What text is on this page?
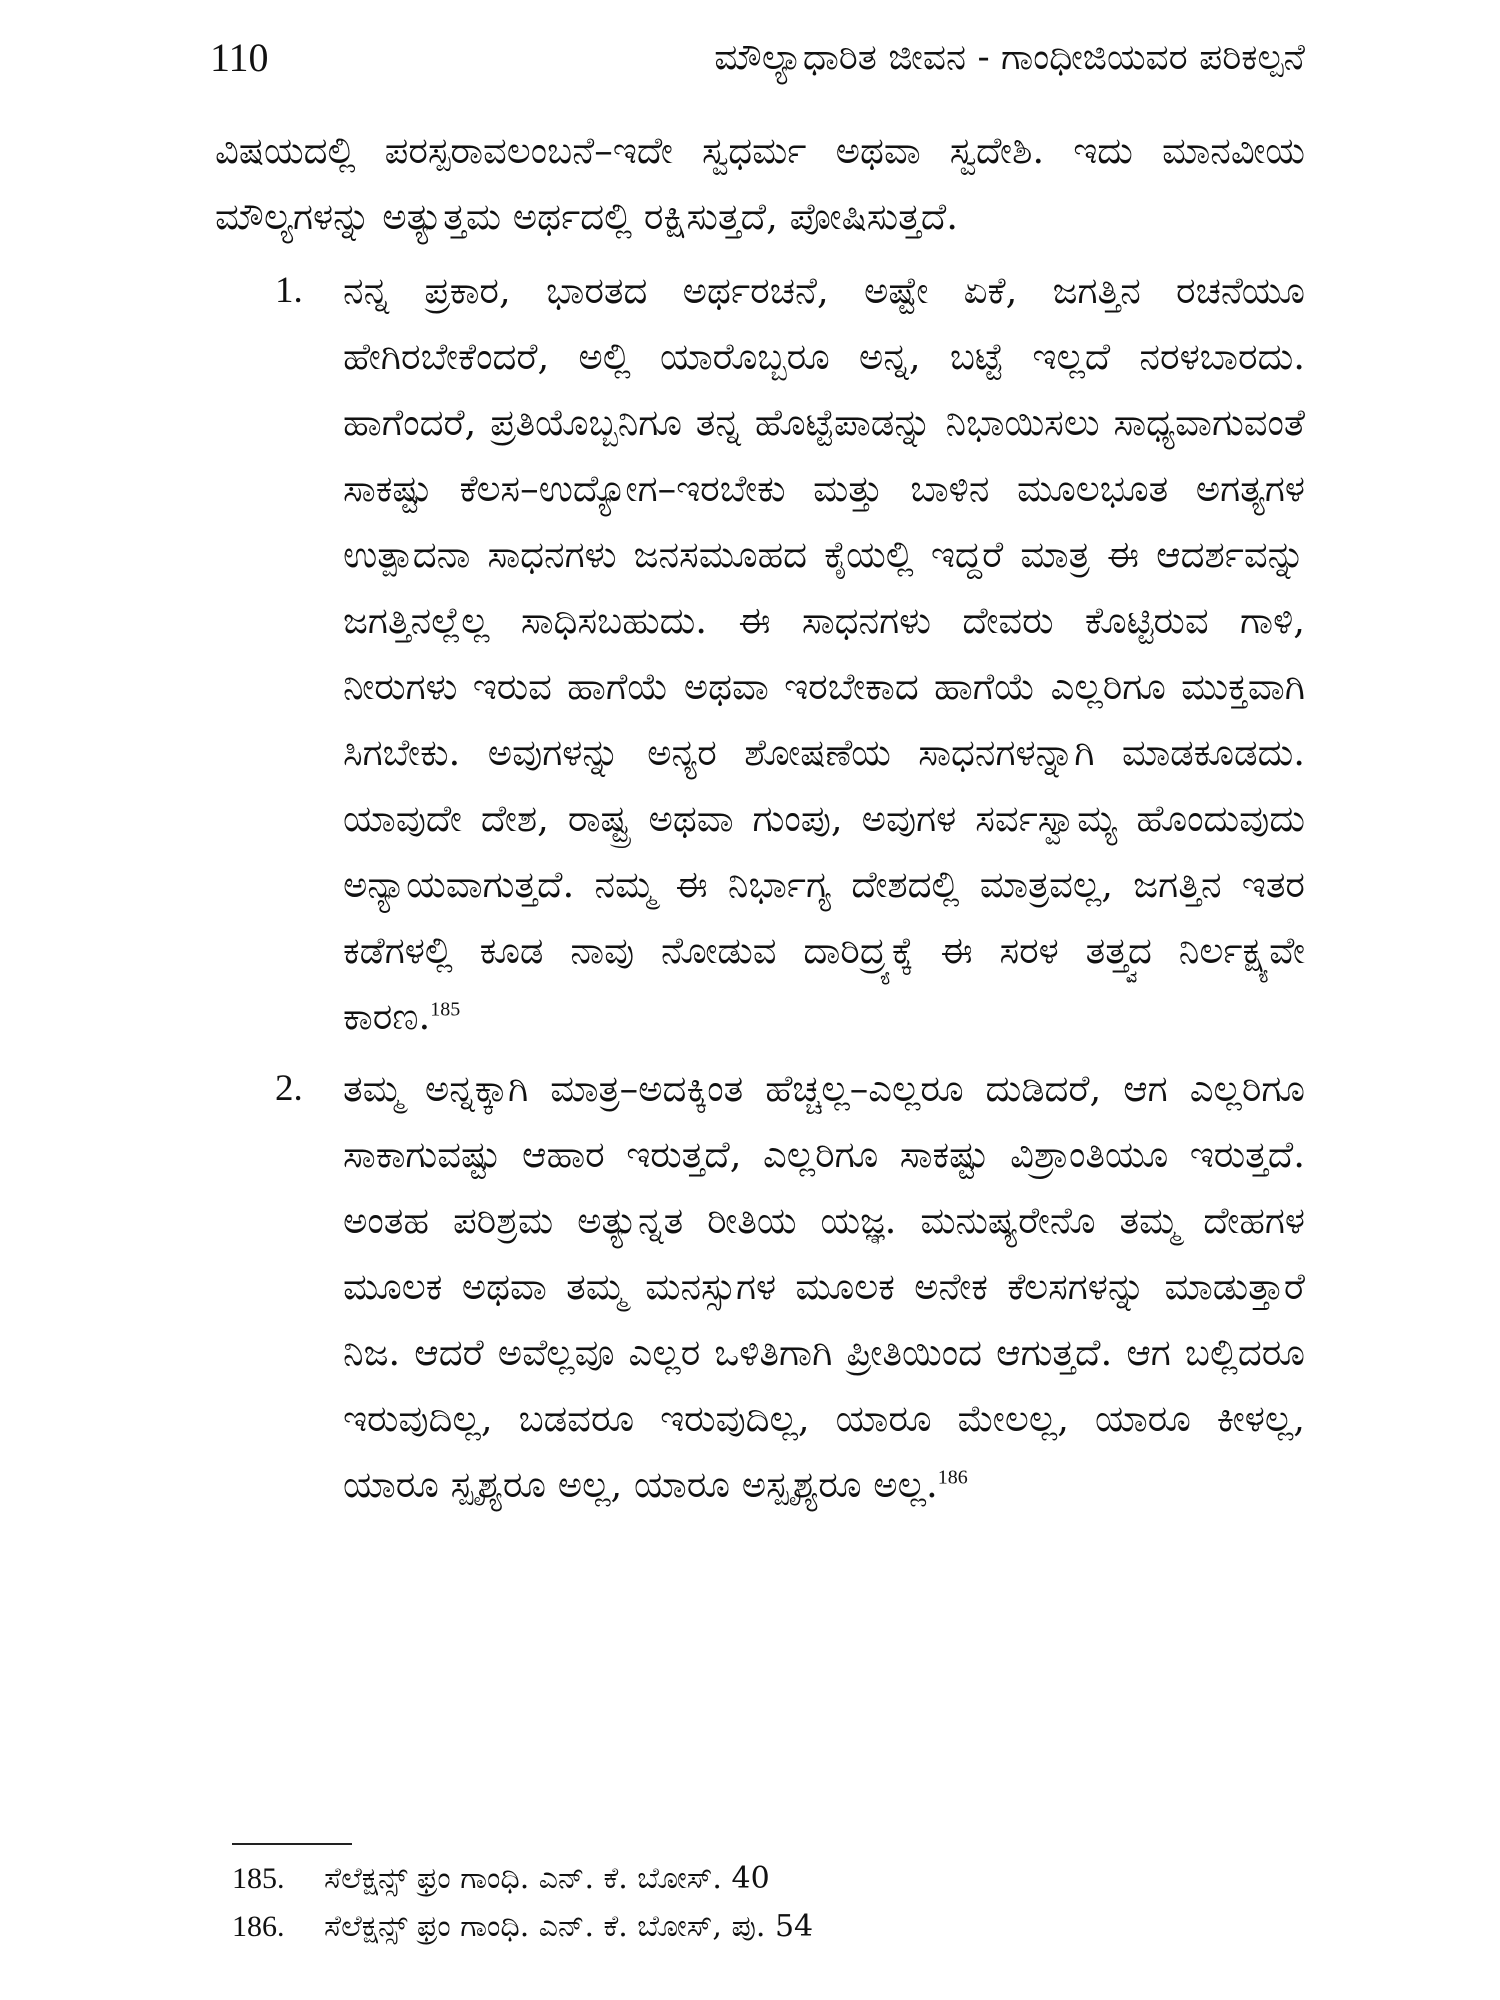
110	ಮೌಲ್ಯಾಧಾರಿತ ಜೀವನ - ಗಾಂಧೀಜಿಯವರ ಪರಿಕಲ್ಪನೆ

ವಿಷಯದಲ್ಲಿ ಪರಸ್ಪರಾವಲಂಬನೆ–ಇದೇ ಸ್ವಧರ್ಮ ಅಥವಾ ಸ್ವದೇಶಿ. ಇದು ಮಾನವೀಯ ಮೌಲ್ಯಗಳನ್ನು ಅತ್ಯುತ್ತಮ ಅರ್ಥದಲ್ಲಿ ರಕ್ಷಿಸುತ್ತದೆ, ಪೋಷಿಸುತ್ತದೆ.

1. ನನ್ನ ಪ್ರಕಾರ, ಭಾರತದ ಅರ್ಥರಚನೆ, ಅಷ್ಟೇ ಏಕೆ, ಜಗತ್ತಿನ ರಚನೆಯೂ ಹೇಗಿರಬೇಕೆಂದರೆ, ಅಲ್ಲಿ ಯಾರೊಬ್ಬರೂ ಅನ್ನ, ಬಟ್ಟೆ ಇಲ್ಲದೆ ನರಳಬಾರದು. ಹಾಗೆಂದರೆ, ಪ್ರತಿಯೊಬ್ಬನಿಗೂ ತನ್ನ ಹೊಟ್ಟೆಪಾಡನ್ನು ನಿಭಾಯಿಸಲು ಸಾಧ್ಯವಾಗುವಂತೆ ಸಾಕಷ್ಟು ಕೆಲಸ–ಉದ್ಯೋಗ–ಇರಬೇಕು ಮತ್ತು ಬಾಳಿನ ಮೂಲಭೂತ ಅಗತ್ಯಗಳ ಉತ್ಪಾದನಾ ಸಾಧನಗಳು ಜನಸಮೂಹದ ಕೈಯಲ್ಲಿ ಇದ್ದರೆ ಮಾತ್ರ ಈ ಆದರ್ಶವನ್ನು ಜಗತ್ತಿನಲ್ಲೆಲ್ಲ ಸಾಧಿಸಬಹುದು. ಈ ಸಾಧನಗಳು ದೇವರು ಕೊಟ್ಟಿರುವ ಗಾಳಿ, ನೀರುಗಳು ಇರುವ ಹಾಗೆಯೆ ಅಥವಾ ಇರಬೇಕಾದ ಹಾಗೆಯೆ ಎಲ್ಲರಿಗೂ ಮುಕ್ತವಾಗಿ ಸಿಗಬೇಕು. ಅವುಗಳನ್ನು ಅನ್ಯರ ಶೋಷಣೆಯ ಸಾಧನಗಳನ್ನಾಗಿ ಮಾಡಕೂಡದು. ಯಾವುದೇ ದೇಶ, ರಾಷ್ಟ್ರ ಅಥವಾ ಗುಂಪು, ಅವುಗಳ ಸರ್ವಸ್ವಾಮ್ಯ ಹೊಂದುವುದು ಅನ್ಯಾಯವಾಗುತ್ತದೆ. ನಮ್ಮ ಈ ನಿರ್ಭಾಗ್ಯ ದೇಶದಲ್ಲಿ ಮಾತ್ರವಲ್ಲ, ಜಗತ್ತಿನ ಇತರ ಕಡೆಗಳಲ್ಲಿ ಕೂಡ ನಾವು ನೋಡುವ ದಾರಿದ್ರ್ಯಕ್ಕೆ ಈ ಸರಳ ತತ್ತ್ವದ ನಿರ್ಲಕ್ಷ್ಯವೇ ಕಾರಣ.$^{185}$

2. ತಮ್ಮ ಅನ್ನಕ್ಕಾಗಿ ಮಾತ್ರ–ಅದಕ್ಕಿಂತ ಹೆಚ್ಚಲ್ಲ–ಎಲ್ಲರೂ ದುಡಿದರೆ, ಆಗ ಎಲ್ಲರಿಗೂ ಸಾಕಾಗುವಷ್ಟು ಆಹಾರ ಇರುತ್ತದೆ, ಎಲ್ಲರಿಗೂ ಸಾಕಷ್ಟು ವಿಶ್ರಾಂತಿಯೂ ಇರುತ್ತದೆ. ಅಂತಹ ಪರಿಶ್ರಮ ಅತ್ಯುನ್ನತ ರೀತಿಯ ಯಜ್ಞ. ಮನುಷ್ಯರೇನೊ ತಮ್ಮ ದೇಹಗಳ ಮೂಲಕ ಅಥವಾ ತಮ್ಮ ಮನಸ್ಸುಗಳ ಮೂಲಕ ಅನೇಕ ಕೆಲಸಗಳನ್ನು ಮಾಡುತ್ತಾರೆ ನಿಜ. ಆದರೆ ಅವೆಲ್ಲವೂ ಎಲ್ಲರ ಒಳಿತಿಗಾಗಿ ಪ್ರೀತಿಯಿಂದ ಆಗುತ್ತದೆ. ಆಗ ಬಲ್ಲಿದರೂ ಇರುವುದಿಲ್ಲ, ಬಡವರೂ ಇರುವುದಿಲ್ಲ, ಯಾರೂ ಮೇಲಲ್ಲ, ಯಾರೂ ಕೀಳಲ್ಲ, ಯಾರೂ ಸ್ಪೃಶ್ಯರೂ ಅಲ್ಲ, ಯಾರೂ ಅಸ್ಪೃಶ್ಯರೂ ಅಲ್ಲ.$^{186}$

185. ಸೆಲೆಕ್ಷನ್ಸ್ ಫ್ರಂ ಗಾಂಧಿ. ಎನ್. ಕೆ. ಬೋಸ್. 40
186. ಸೆಲೆಕ್ಷನ್ಸ್ ಫ್ರಂ ಗಾಂಧಿ. ಎನ್. ಕೆ. ಬೋಸ್, ಪು. 54
